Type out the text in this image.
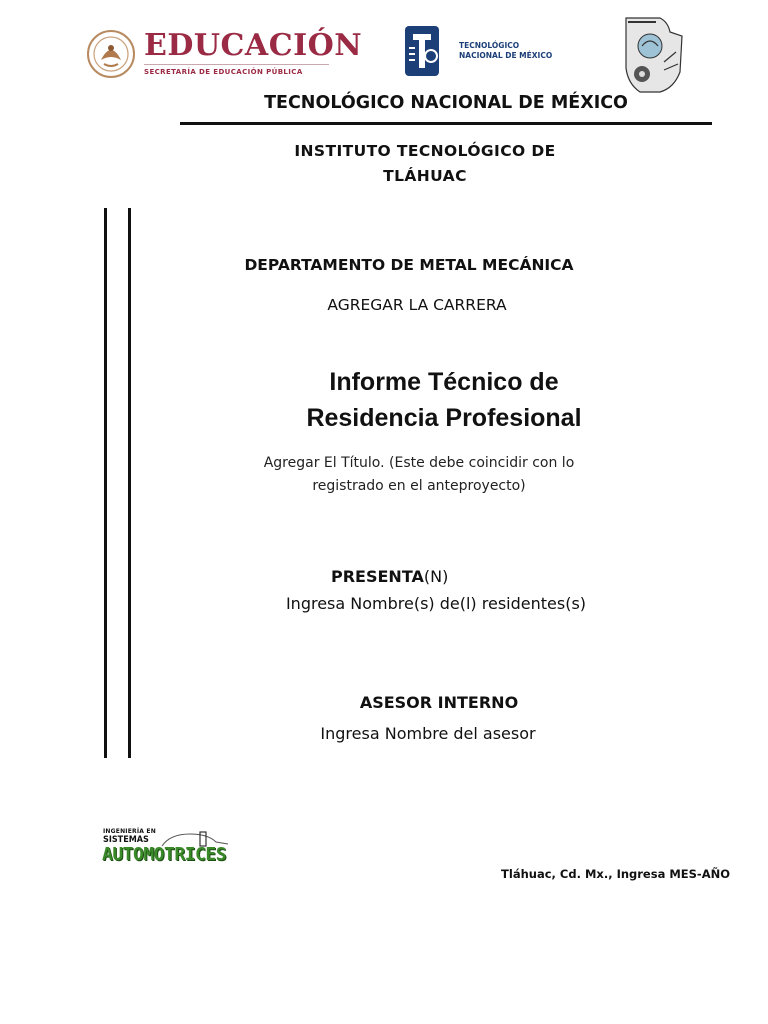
EDUCACIÓN
SECRETARÍA DE EDUCACIÓN PÚBLICA
TECNOLÓGICO
NACIONAL DE MÉXICO
TECNOLÓGICO NACIONAL DE MÉXICO
INSTITUTO TECNOLÓGICO DE
TLÁHUAC
DEPARTAMENTO DE METAL MECÁNICA
AGREGAR LA CARRERA
Informe Técnico de
Residencia Profesional
Agregar El Título. (Este debe coincidir con lo
registrado en el anteproyecto)
PRESENTA(N)
Ingresa Nombre(s) de(l) residentes(s)
ASESOR INTERNO
Ingresa Nombre del asesor
INGENIERÍA EN
SISTEMAS
AUTOMOTRICES
Tláhuac, Cd. Mx., Ingresa MES-AÑO
